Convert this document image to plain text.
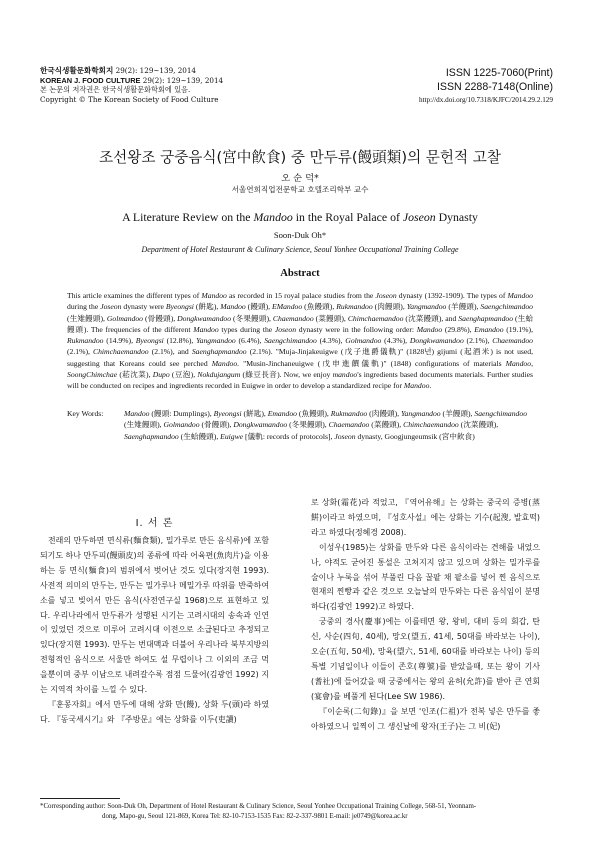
한국식생활문화학회지 29(2): 129~139, 2014
KOREAN J. FOOD CULTURE 29(2): 129~139, 2014
본 논문의 저작권은 한국식생활문화학회에 있음.
Copyright © The Korean Society of Food Culture
ISSN 1225-7060(Print)
ISSN 2288-7148(Online)
http://dx.doi.org/10.7318/KJFC/2014.29.2.129
조선왕조 궁중음식(宮中飮食) 중 만두류(饅頭類)의 문헌적 고찰
오 순 덕*
서울연희직업전문학교 호텔조리학부 교수
A Literature Review on the Mandoo in the Royal Palace of Joseon Dynasty
Soon-Duk Oh*
Department of Hotel Restaurant & Culinary Science, Seoul Yonhee Occupational Training College
Abstract
This article examines the different types of Mandoo as recorded in 15 royal palace studies from the Joseon dynasty (1392-1909). The types of Mandoo during the Joseon dynasty were Byeongsi (餠匙), Mandoo (饅頭), EMandoo (魚饅頭), Rukmandoo (肉饅頭), Yangmandoo (羊饅頭), Saengchimandoo (生雉饅頭), Golmandoo (骨饅頭), Dongkwamandoo (冬果饅頭), Chaemandoo (菜饅頭), Chimchaemandoo (沈菜饅頭), and Saenghapmandoo (生蛤饅頭). The frequencies of the different Mandoo types during the Joseon dynasty were in the following order: Mandoo (29.8%), Emandoo (19.1%), Rukmandoo (14.9%), Byeongsi (12.8%), Yangmandoo (6.4%), Saengchimandoo (4.3%), Golmandoo (4.3%), Dongkwamandoo (2.1%), Chaemandoo (2.1%), Chimchaemandoo (2.1%), and Saenghapmandoo (2.1%). "Muja-Jinjakeuigwe (戊子進爵儀軌)" (1828년) gijumi (起酒米) is not used, suggesting that Koreans could see perched Mandoo. "Musin-Jinchaneuigwe (戊申進饌儀軌)" (1848) configurations of materials Mandoo, SoongChimchae (菘沈菜), Dupo (豆泡), Nokdujangum (綠豆長音). Now, we enjoy mandoo's ingredients based documents materials. Further studies will be conducted on recipes and ingredients recorded in Euigwe in order to develop a standardized recipe for Mandoo.
Key Words:	Mandoo (饅頭: Dumplings), Byeongsi (餠匙), Emandoo (魚饅頭), Rukmandoo (肉饅頭), Yangmandoo (羊饅頭), Saengchimandoo (生雉饅頭), Golmandoo (骨饅頭), Dongkwamandoo (冬果饅頭), Chaemandoo (菜饅頭), Chimchaemandoo (沈菜饅頭), Saenghapmandoo (生蛤饅頭), Euigwe [儀軌: records of protocols], Joseon dynasty, Googjungeumsik (宮中飮食)
Ⅰ. 서 론

전래의 만두하면 면식류(麵食類), 밀가루로 만든 음식류)에 포함되기도 하나 만두피(饅頭皮)의 종류에 따라 어육편(魚肉片)을 이용하는 등 면식(麵食)의 범위에서 벗어난 것도 있다(장지현 1993). 사전적 의미의 만두는, 만두는 밀가루나 메밀가루 따위를 반죽하여 소를 넣고 빚어서 만든 음식(사전연구실 1968)으로 표현하고 있다. 우리나라에서 만두류가 성행된 시기는 고려시대의 송속과 인연이 있었던 것으로 미루어 고려시대 이전으로 소급된다고 추정되고 있다(장지현 1993). 만두는 번대맥과 더불어 우리나라 북부지방의 전형적인 음식으로 서울만 하여도 설 무렵이나 그 이외의 조금 먹을뿐이며 중부 이남으로 내려갈수록 점점 드물어(김광언 1992) 지는 지역적 차이를 느낄 수 있다.

『훈몽자회』에서 만두에 대해 상화 만(饅), 상화 두(頭)라 하였다. 『동국세시기』와 『주방문』에는 상화를 이두(吏讀)

로 상화(霜花)라 적었고, 『역어유해』는 상화는 중국의 증병(蒸餠)이라고 하였으며, 『성호사설』에는 상화는 기수(起溲, 발효떡)라고 하였다(정혜경 2008).

이성우(1985)는 상화를 만두와 다른 음식이라는 견해를 내었으나, 야적도 굳어진 통설은 고쳐지지 않고 있으며 상화는 밀가루를 술이나 누룩을 섞어 부풀린 다음 꿀팥 채 팥소를 넣어 찐 음식으로 현재의 찐빵과 같은 것으로 오늘날의 만두와는 다른 음식임이 분명하다(김광언 1992)고 하였다.

궁중의 경사(慶事)에는 이를테면 왕, 왕비, 대비 등의 회갑, 탄신, 사순(四旬, 40세), 망오(望五, 41세, 50대를 바라보는 나이), 오순(五旬, 50세), 망육(望六, 51세, 60대를 바라보는 나이) 등의 특별 기념일이나 이들이 존호(尊號)를 받았을때, 또는 왕이 기사(耆社)에 들어갔을 때 궁중에서는 왕의 윤허(允許)를 받아 큰 연회(宴會)를 베풀게 된다(Lee SW 1986).

『이순록(二旬錄)』을 보면 '인조(仁祖)가 전복 넣은 만두를 좋아하였으니 일찍이 그 생신날에 왕자(王子)는 그 비(妃)

*Corresponding author: Soon-Duk Oh, Department of Hotel Restaurant & Culinary Science, Seoul Yonhee Occupational Training College, 568-51, Yeonnam-
dong, Mapo-gu, Seoul 121-869, Korea Tel: 82-10-7153-1535 Fax: 82-2-337-9801 E-mail: je0749@korea.ac.kr
